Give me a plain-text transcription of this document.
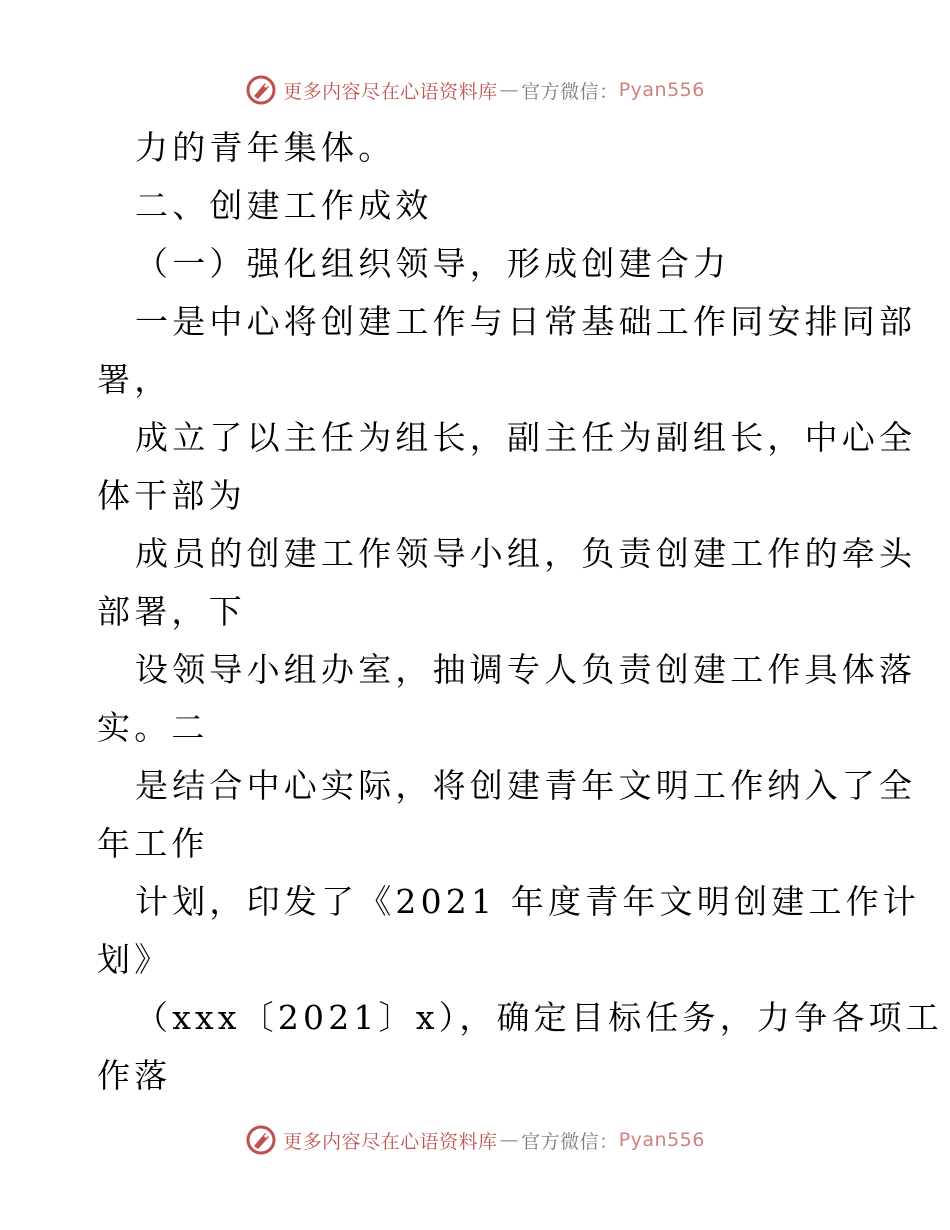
更多内容尽在心语资料库 — 官方微信： Pyan556
力的青年集体。
二、创建工作成效
（一）强化组织领导，形成创建合力
一是中心将创建工作与日常基础工作同安排同部
署，
成立了以主任为组长，副主任为副组长，中心全
体干部为
成员的创建工作领导小组，负责创建工作的牵头
部署，下
设领导小组办室，抽调专人负责创建工作具体落
实。二
是结合中心实际，将创建青年文明工作纳入了全
年工作
计划，印发了《2021 年度青年文明创建工作计
划》
（xxx〔2021〕x），确定目标任务，力争各项工
作落
更多内容尽在心语资料库 — 官方微信： Pyan556
